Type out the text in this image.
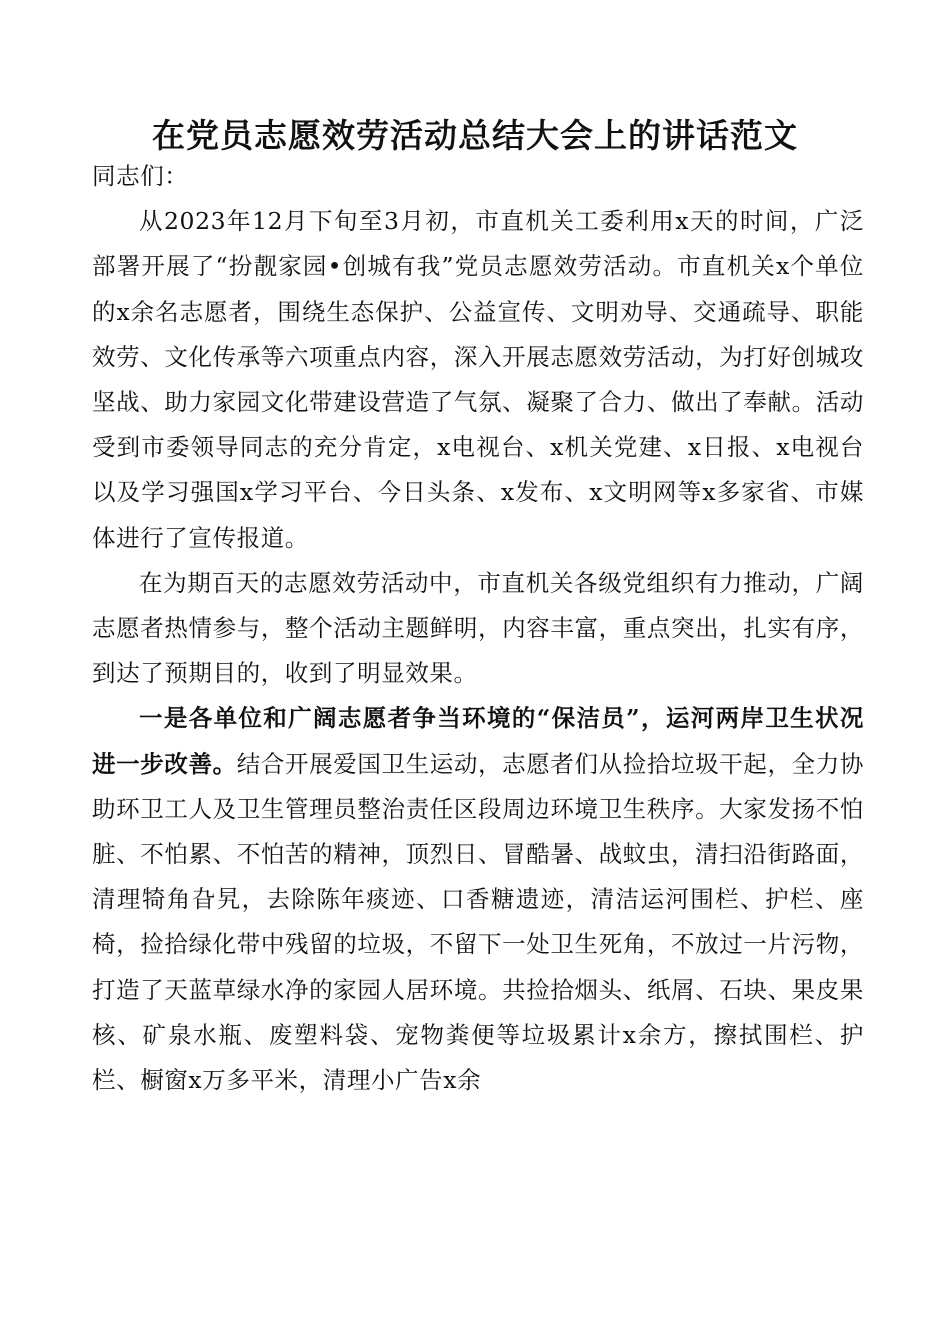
在党员志愿效劳活动总结大会上的讲话范文

同志们：

从2023年12月下旬至3月初，市直机关工委利用x天的时间，广泛部署开展了“扮靓家园•创城有我”党员志愿效劳活动。市直机关x个单位的x余名志愿者，围绕生态保护、公益宣传、文明劝导、交通疏导、职能效劳、文化传承等六项重点内容，深入开展志愿效劳活动，为打好创城攻坚战、助力家园文化带建设营造了气氛、凝聚了合力、做出了奉献。活动受到市委领导同志的充分肯定，x电视台、x机关党建、x日报、x电视台以及学习强国x学习平台、今日头条、x发布、x文明网等x多家省、市媒体进行了宣传报道。

在为期百天的志愿效劳活动中，市直机关各级党组织有力推动，广阔志愿者热情参与，整个活动主题鲜明，内容丰富，重点突出，扎实有序，到达了预期目的，收到了明显效果。

一是各单位和广阔志愿者争当环境的“保洁员”，运河两岸卫生状况进一步改善。结合开展爱国卫生运动，志愿者们从捡拾垃圾干起，全力协助环卫工人及卫生管理员整治责任区段周边环境卫生秩序。大家发扬不怕脏、不怕累、不怕苦的精神，顶烈日、冒酷暑、战蚊虫，清扫沿街路面，清理犄角旮旯，去除陈年痰迹、口香糖遗迹，清洁运河围栏、护栏、座椅，捡拾绿化带中残留的垃圾，不留下一处卫生死角，不放过一片污物，打造了天蓝草绿水净的家园人居环境。共捡拾烟头、纸屑、石块、果皮果核、矿泉水瓶、废塑料袋、宠物粪便等垃圾累计x余方，擦拭围栏、护栏、橱窗x万多平米，清理小广告x余
